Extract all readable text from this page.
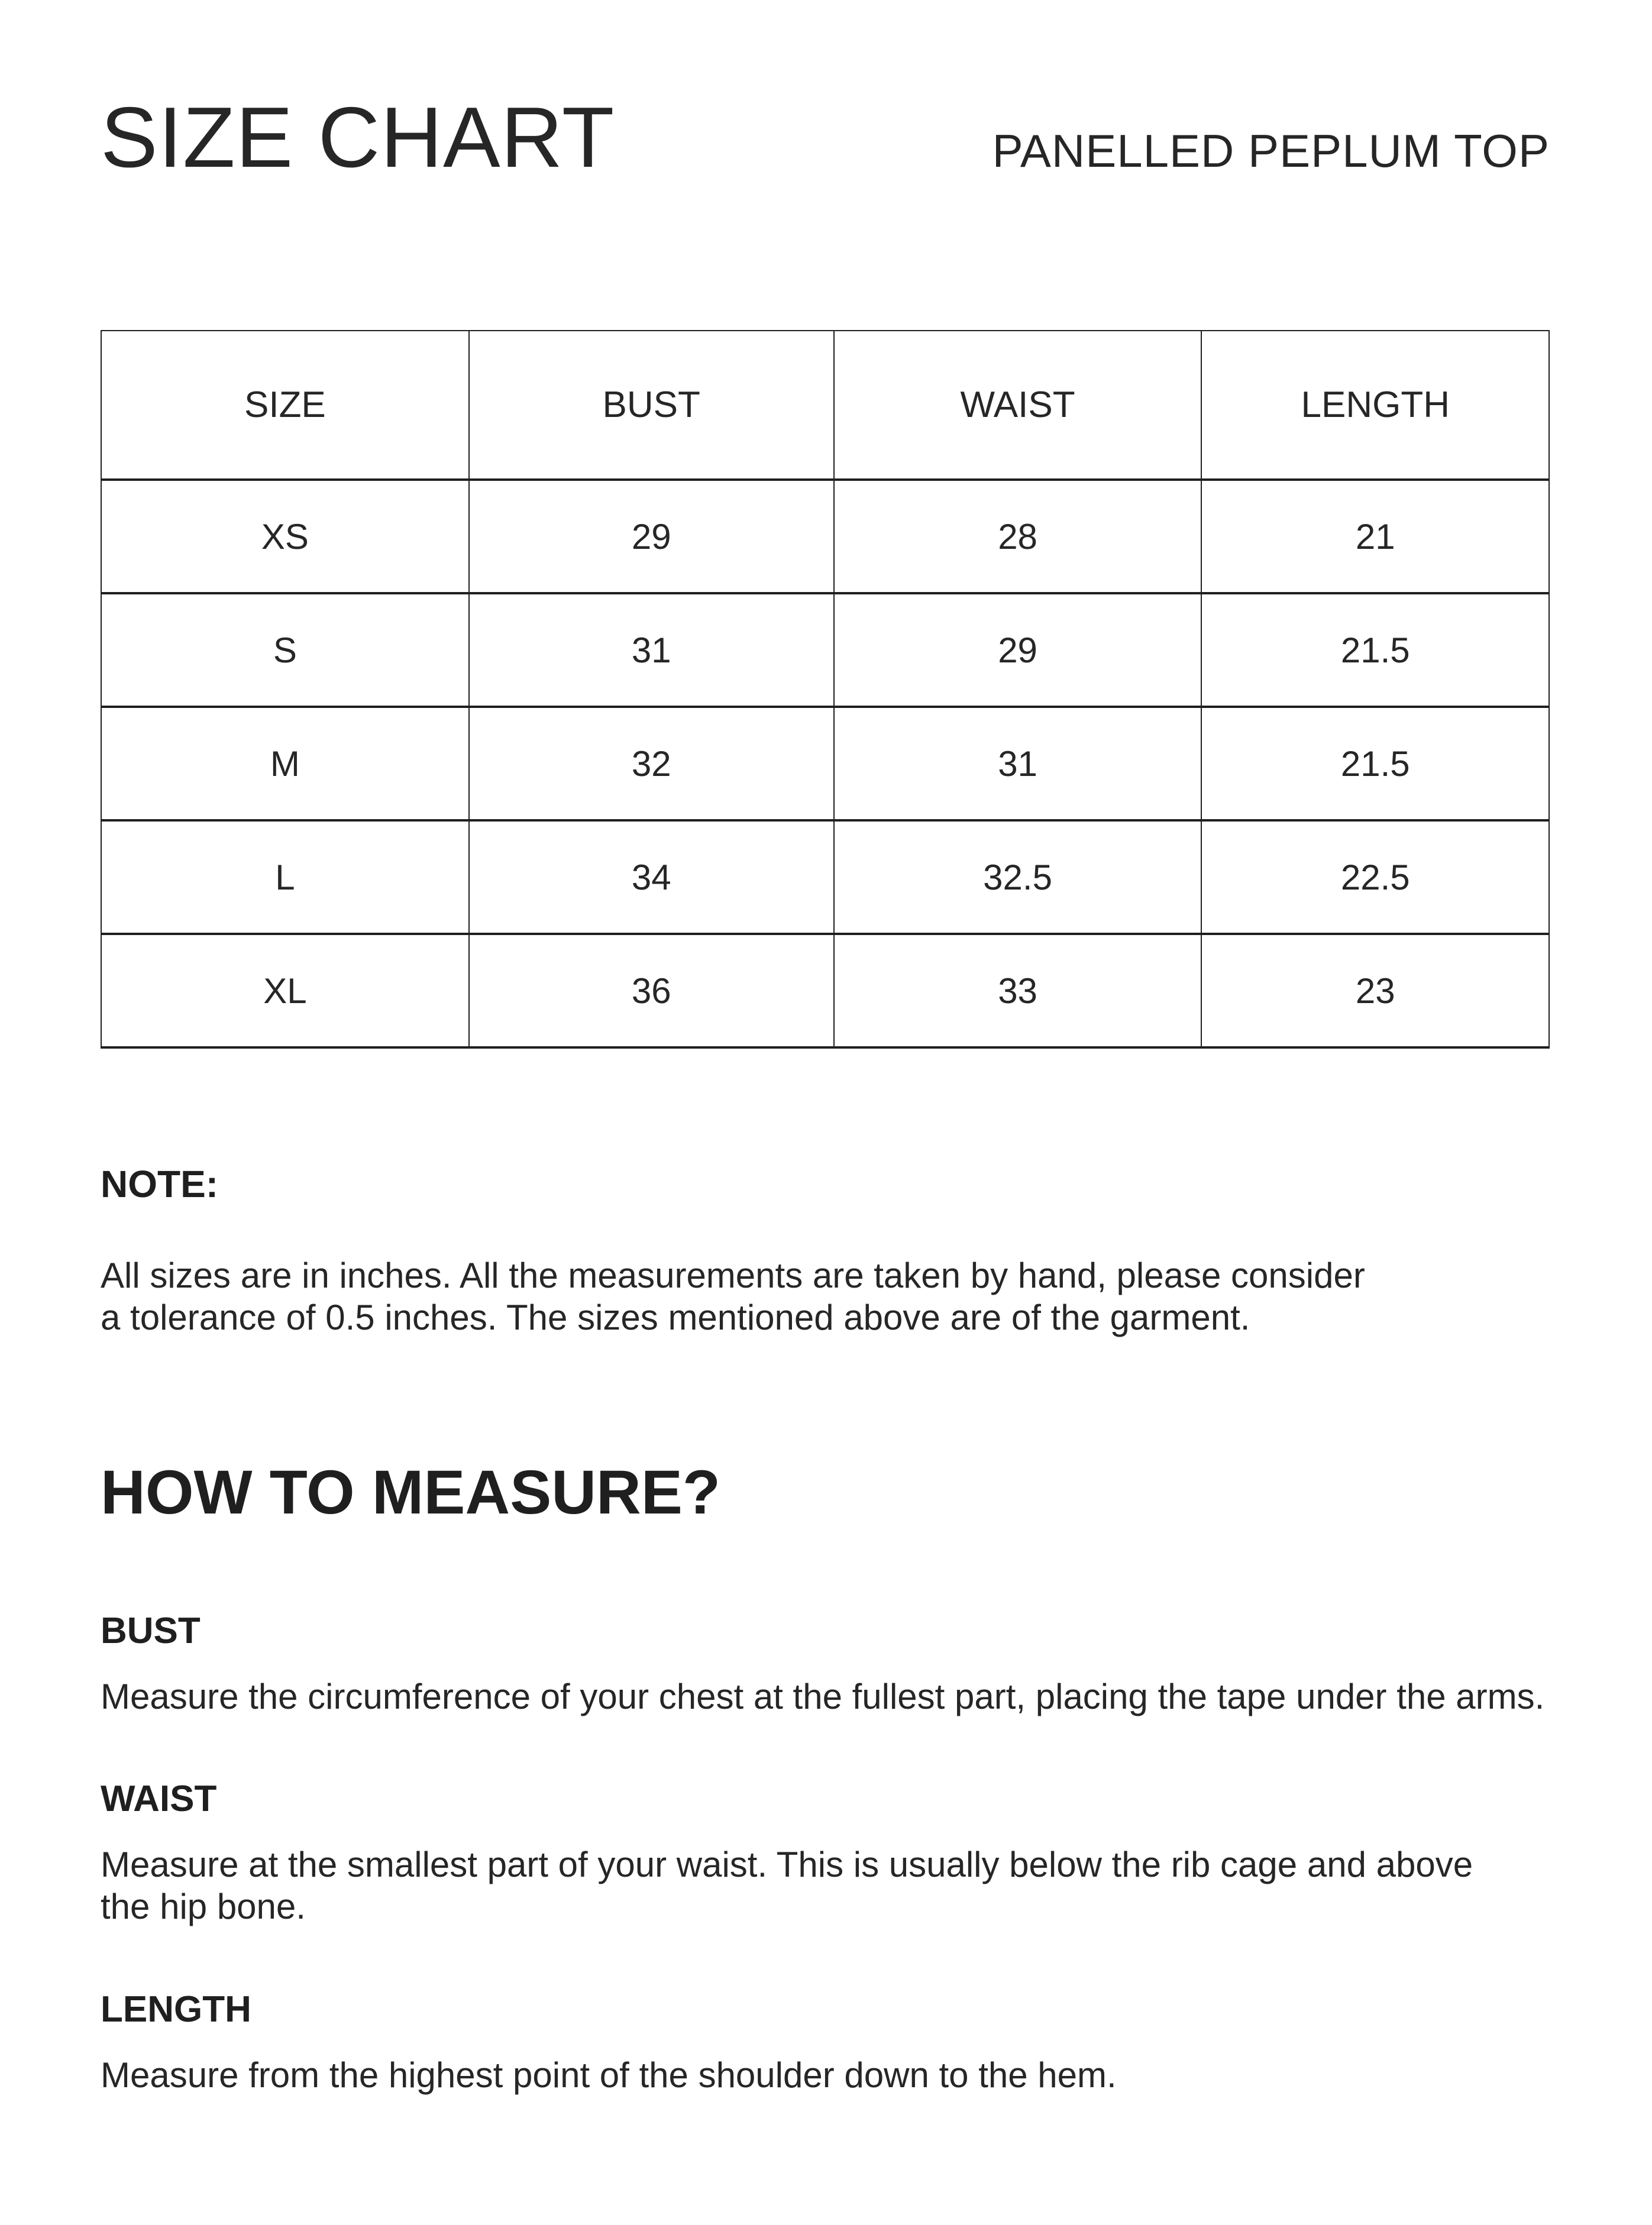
SIZE CHART	PANELLED PEPLUM TOP
SIZE	BUST	WAIST	LENGTH
XS	29	28	21
S	31	29	21.5
M	32	31	21.5
L	34	32.5	22.5
XL	36	33	23
NOTE:
All sizes are in inches. All the measurements are taken by hand, please consider
a tolerance of 0.5 inches. The sizes mentioned above are of the garment.
HOW TO MEASURE?
BUST
Measure the circumference of your chest at the fullest part, placing the tape under the arms.
WAIST
Measure at the smallest part of your waist. This is usually below the rib cage and above
the hip bone.
LENGTH
Measure from the highest point of the shoulder down to the hem.
